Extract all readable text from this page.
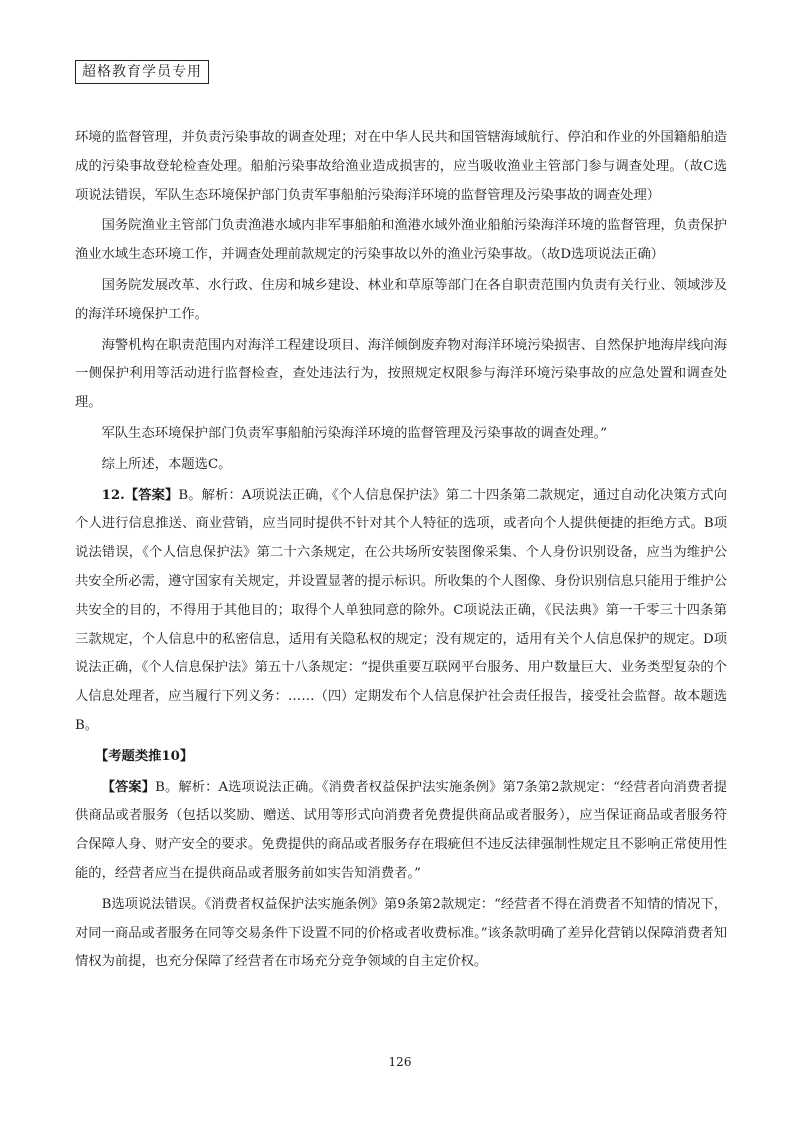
超格教育学员专用

环境的监督管理，并负责污染事故的调查处理；对在中华人民共和国管辖海域航行、停泊和作业的外国籍船舶造成的污染事故登轮检查处理。船舶污染事故给渔业造成损害的，应当吸收渔业主管部门参与调查处理。（故C选项说法错误，军队生态环境保护部门负责军事船舶污染海洋环境的监督管理及污染事故的调查处理）

国务院渔业主管部门负责渔港水域内非军事船舶和渔港水域外渔业船舶污染海洋环境的监督管理，负责保护渔业水域生态环境工作，并调查处理前款规定的污染事故以外的渔业污染事故。（故D选项说法正确）

国务院发展改革、水行政、住房和城乡建设、林业和草原等部门在各自职责范围内负责有关行业、领域涉及的海洋环境保护工作。

海警机构在职责范围内对海洋工程建设项目、海洋倾倒废弃物对海洋环境污染损害、自然保护地海岸线向海一侧保护利用等活动进行监督检查，查处违法行为，按照规定权限参与海洋环境污染事故的应急处置和调查处理。

军队生态环境保护部门负责军事船舶污染海洋环境的监督管理及污染事故的调查处理。”

综上所述，本题选C。

12.【答案】B。解析：A项说法正确，《个人信息保护法》第二十四条第二款规定，通过自动化决策方式向个人进行信息推送、商业营销，应当同时提供不针对其个人特征的选项，或者向个人提供便捷的拒绝方式。B项说法错误，《个人信息保护法》第二十六条规定，在公共场所安装图像采集、个人身份识别设备，应当为维护公共安全所必需，遵守国家有关规定，并设置显著的提示标识。所收集的个人图像、身份识别信息只能用于维护公共安全的目的，不得用于其他目的；取得个人单独同意的除外。C项说法正确，《民法典》第一千零三十四条第三款规定，个人信息中的私密信息，适用有关隐私权的规定；没有规定的，适用有关个人信息保护的规定。D项说法正确，《个人信息保护法》第五十八条规定：“提供重要互联网平台服务、用户数量巨大、业务类型复杂的个人信息处理者，应当履行下列义务：……（四）定期发布个人信息保护社会责任报告，接受社会监督。故本题选B。

【考题类推10】

【答案】B。解析：A选项说法正确。《消费者权益保护法实施条例》第7条第2款规定：“经营者向消费者提供商品或者服务（包括以奖励、赠送、试用等形式向消费者免费提供商品或者服务），应当保证商品或者服务符合保障人身、财产安全的要求。免费提供的商品或者服务存在瑕疵但不违反法律强制性规定且不影响正常使用性能的，经营者应当在提供商品或者服务前如实告知消费者。”

B选项说法错误。《消费者权益保护法实施条例》第9条第2款规定：“经营者不得在消费者不知情的情况下，对同一商品或者服务在同等交易条件下设置不同的价格或者收费标准。”该条款明确了差异化营销以保障消费者知情权为前提，也充分保障了经营者在市场充分竞争领域的自主定价权。

126
